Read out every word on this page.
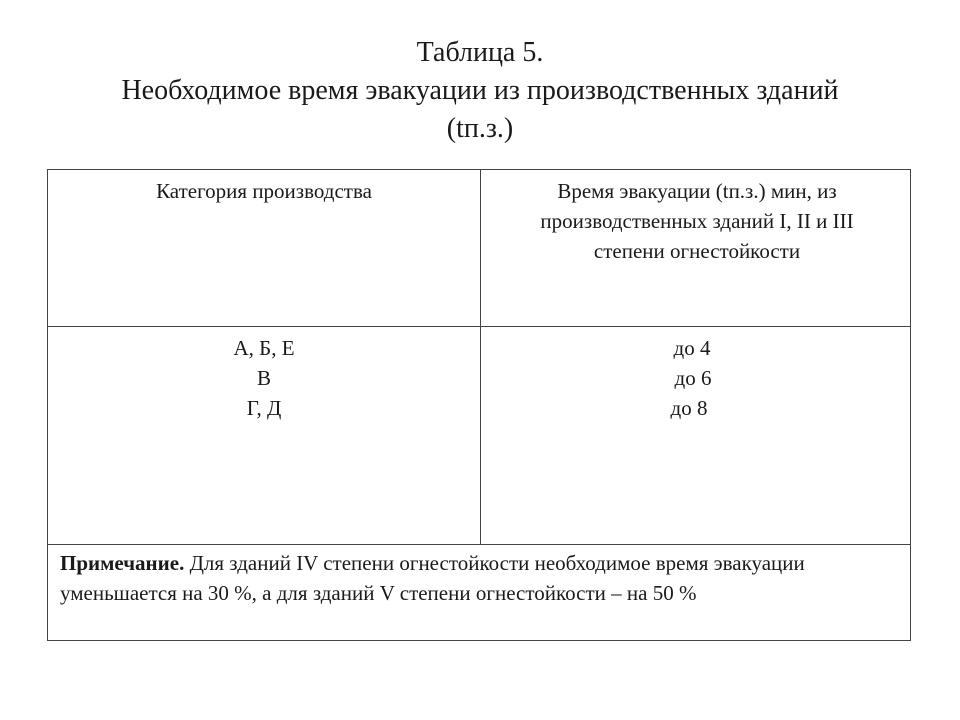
Таблица 5.
Необходимое время эвакуации из производственных зданий
(tп.з.)
Категория производства	Время эвакуации (tп.з.) мин, из
производственных зданий I, II и III
степени огнестойкости
А, Б, Е
В
Г, Д
до 4
до 6
до 8
Примечание. Для зданий IV степени огнестойкости необходимое время эвакуации уменьшается на 30 %, а для зданий V степени огнестойкости – на 50 %
